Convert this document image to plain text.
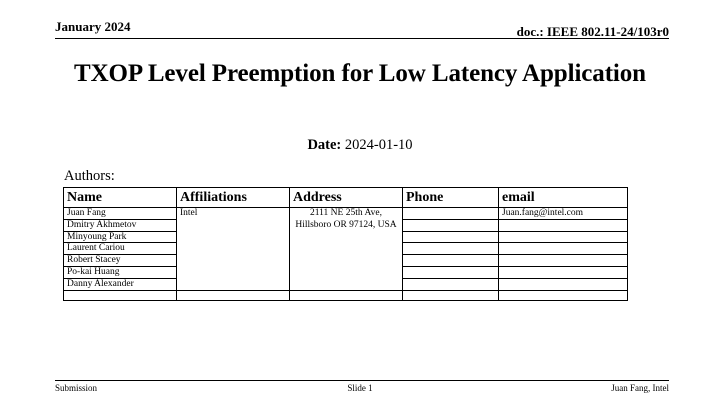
January 2024	doc.: IEEE 802.11-24/103r0
TXOP Level Preemption for Low Latency Application
Date: 2024-01-10
Authors:
Name	Affiliations	Address	Phone	email
Juan Fang	Intel	2111 NE 25th Ave, Hillsboro OR 97124, USA		Juan.fang@intel.com
Dmitry Akhmetov				
Minyoung Park				
Laurent Cariou				
Robert Stacey				
Po-kai Huang				
Danny Alexander				

Submission	Slide 1	Juan Fang, Intel
